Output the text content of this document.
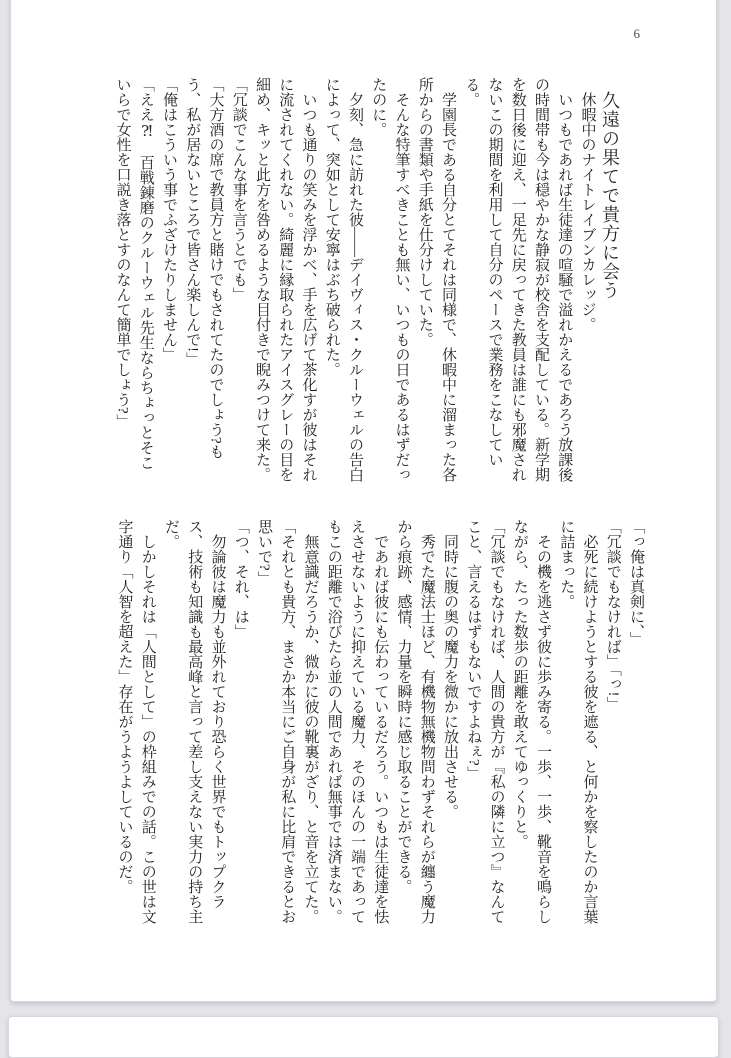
6
久遠の果てで貴方に会う

休暇中のナイトレイブンカレッジ。

いつもであれば生徒達の喧騒で溢れかえるであろう放課後の時間帯も今は穏やかな静寂が校舎を支配している。新学期を数日後に迎え、一足先に戻ってきた教員は誰にも邪魔されないこの期間を利用して自分のペースで業務をこなしている。

学園長である自分とてそれは同様で、休暇中に溜まった各所からの書類や手紙を仕分けしていた。

そんな特筆すべきことも無い、いつもの日であるはずだったのに。

夕刻、急に訪れた彼――デイヴィス・クルーウェルの告白によって、突如として安寧はぶち破られた。

いつも通りの笑みを浮かべ、手を広げて茶化すが彼はそれに流されてくれない。綺麗に縁取られたアイスグレーの目を細め、キッと此方を咎めるような目付きで睨みつけて来た。

「冗談でこんな事を言うとでも」

「大方酒の席で教員方と賭けでもされてたのでしょう?もう、私が居ないところで皆さん楽しんで!」

「俺はこういう事でふざけたりしません」

「ええ⁈　百戦錬磨のクルーウェル先生ならちょっとそこいらで女性を口説き落とすのなんて簡単でしょう?」

「っ俺は真剣に、」

「冗談でもなければ」「っ!」

必死に続けようとする彼を遮る、と何かを察したのか言葉に詰まった。

その機を逃さず彼に歩み寄る。一歩、一歩、靴音を鳴らしながら、たった数歩の距離を敢えてゆっくりと。

「冗談でもなければ、人間の貴方が『私の隣に立つ』なんてこと、言えるはずもないですよねぇ?」

同時に腹の奥の魔力を微かに放出させる。

秀でた魔法士ほど、有機物無機物問わずそれらが纏う魔力から痕跡、感情、力量を瞬時に感じ取ることができる。

であれば彼にも伝わっているだろう。いつもは生徒達を怯えさせないように抑えている魔力、そのほんの一端であってもこの距離で浴びたら並の人間であれば無事では済まない。

無意識だろうか、微かに彼の靴裏がざり、と音を立てた。

「それとも貴方、まさか本当にご自身が私に比肩できるとお思いで?」

「つ、それ、は」

勿論彼は魔力も並外れており恐らく世界でもトップクラス、技術も知識も最高峰と言って差し支えない実力の持ち主だ。

しかしそれは「人間として」の枠組みでの話。この世は文字通り「人智を超えた」存在がうようよしているのだ。
